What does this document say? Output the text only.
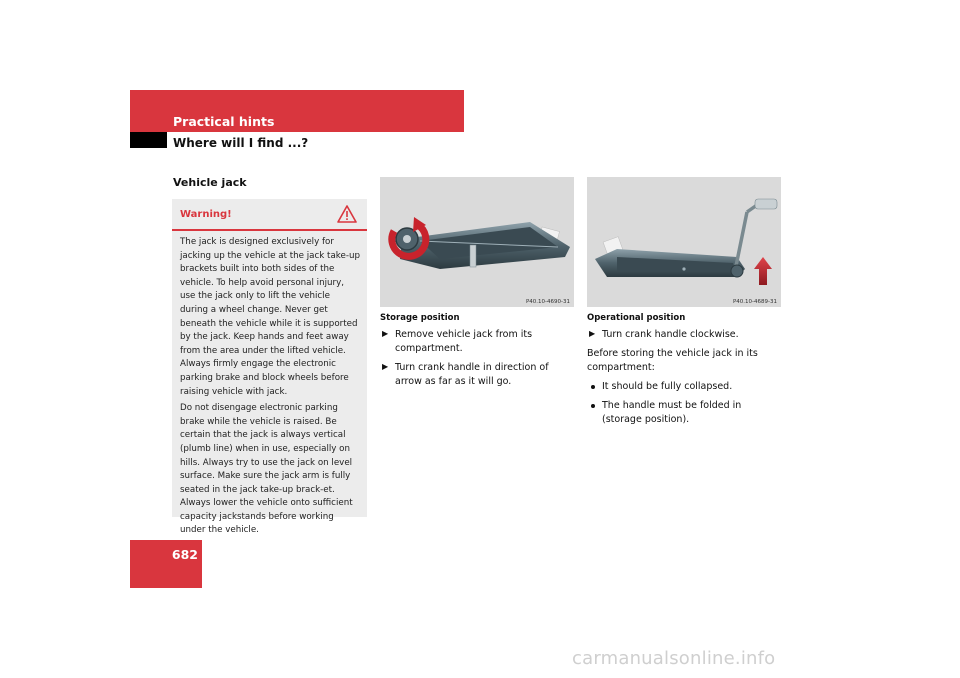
Practical hints
Where will I find ...?
Vehicle jack
682
Warning!

The jack is designed exclusively for jacking up the vehicle at the jack take-up brackets built into both sides of the vehicle. To help avoid personal injury, use the jack only to lift the vehicle during a wheel change. Never get beneath the vehicle while it is supported by the jack. Keep hands and feet away from the area under the lifted vehicle. Always firmly engage the electronic parking brake and block wheels before raising vehicle with jack.

Do not disengage electronic parking brake while the vehicle is raised. Be certain that the jack is always vertical (plumb line) when in use, especially on hills. Always try to use the jack on level surface. Make sure the jack arm is fully seated in the jack take-up brack-et. Always lower the vehicle onto sufficient capacity jackstands before working under the vehicle.

P40.10-4690-31	P40.10-4689-31
Storage position	Operational position
▶ Remove vehicle jack from its compartment.
▶ Turn crank handle in direction of arrow as far as it will go.
▶ Turn crank handle clockwise.
Before storing the vehicle jack in its compartment:
It should be fully collapsed.
The handle must be folded in (storage position).
carmanualsonline.info
